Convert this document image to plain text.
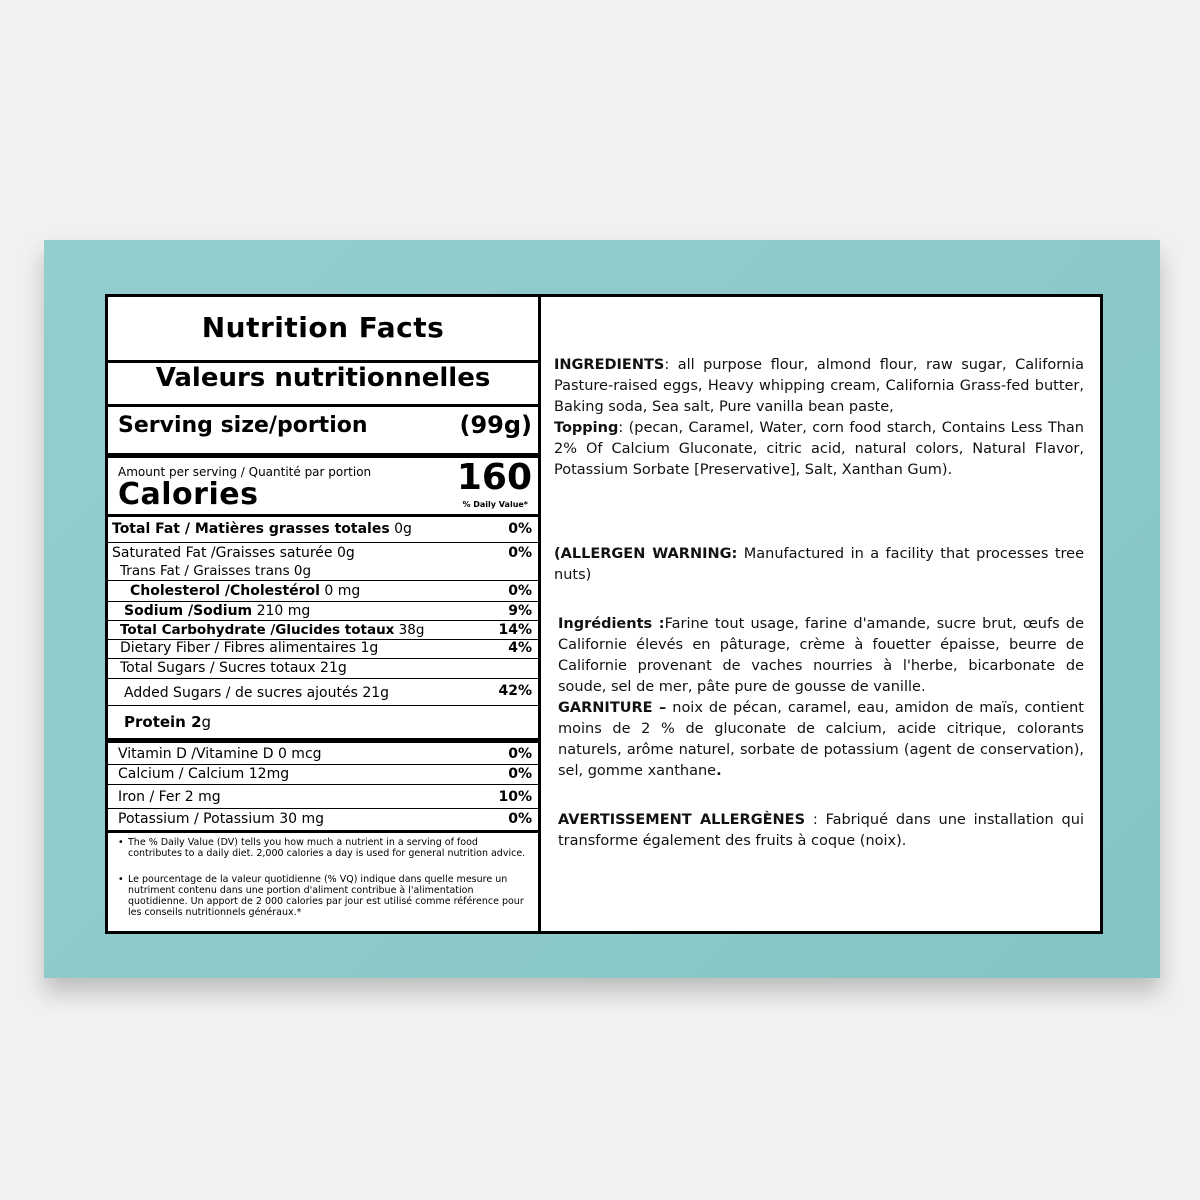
Nutrition Facts
Valeurs nutritionnelles
Serving size/portion	(99g)
Amount per serving / Quantité par portion
Calories	160
% Daily Value*
Total Fat / Matières grasses totales 0g	0%
Saturated Fat /Graisses saturée 0g	0%
Trans Fat / Graisses trans 0g
Cholesterol /Cholestérol 0 mg	0%
Sodium /Sodium 210 mg	9%
Total Carbohydrate /Glucides totaux 38g	14%
Dietary Fiber / Fibres alimentaires 1g	4%
Total Sugars / Sucres totaux 21g
Added Sugars / de sucres ajoutés 21g	42%
Protein 2g
Vitamin D /Vitamine D 0 mcg	0%
Calcium / Calcium 12mg	0%
Iron / Fer 2 mg	10%
Potassium / Potassium 30 mg	0%
• The % Daily Value (DV) tells you how much a nutrient in a serving of food contributes to a daily diet. 2,000 calories a day is used for general nutrition advice.
• Le pourcentage de la valeur quotidienne (% VQ) indique dans quelle mesure un nutriment contenu dans une portion d'aliment contribue à l'alimentation quotidienne. Un apport de 2 000 calories par jour est utilisé comme référence pour les conseils nutritionnels généraux.*
INGREDIENTS: all purpose flour, almond flour, raw sugar, California Pasture-raised eggs, Heavy whipping cream, California Grass-fed butter, Baking soda, Sea salt, Pure vanilla bean paste,
Topping: (pecan, Caramel, Water, corn food starch, Contains Less Than 2% Of Calcium Gluconate, citric acid, natural colors, Natural Flavor, Potassium Sorbate [Preservative], Salt, Xanthan Gum).
(ALLERGEN WARNING: Manufactured in a facility that processes tree nuts)
Ingrédients :Farine tout usage, farine d'amande, sucre brut, œufs de Californie élevés en pâturage, crème à fouetter épaisse, beurre de Californie provenant de vaches nourries à l'herbe, bicarbonate de soude, sel de mer, pâte pure de gousse de vanille.
GARNITURE – noix de pécan, caramel, eau, amidon de maïs, contient moins de 2 % de gluconate de calcium, acide citrique, colorants naturels, arôme naturel, sorbate de potassium (agent de conservation), sel, gomme xanthane.
AVERTISSEMENT ALLERGÈNES : Fabriqué dans une installation qui transforme également des fruits à coque (noix).
